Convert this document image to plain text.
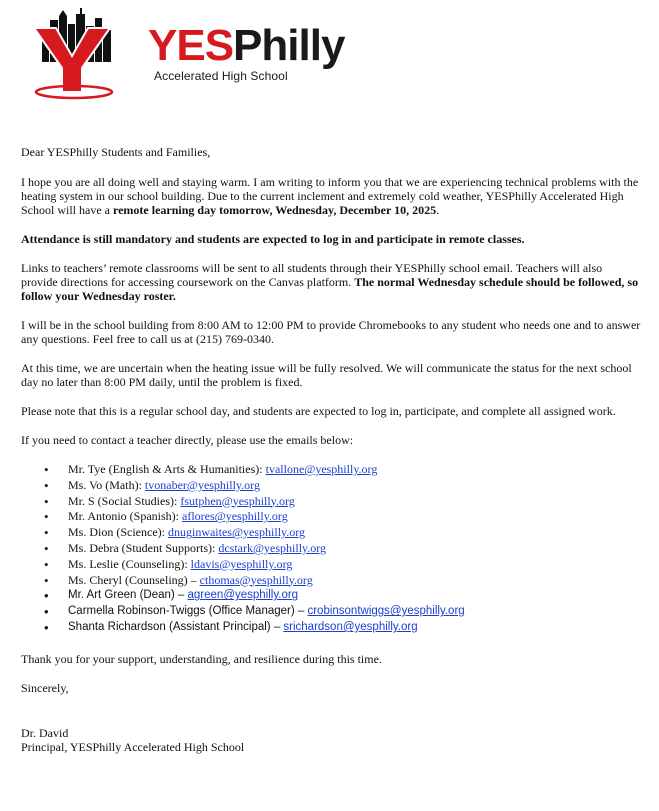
YESPhilly
Accelerated High School

Dear YESPhilly Students and Families,

I hope you are all doing well and staying warm. I am writing to inform you that we are experiencing technical problems with the heating system in our school building. Due to the current inclement and extremely cold weather, YESPhilly Accelerated High School will have a remote learning day tomorrow, Wednesday, December 10, 2025.

Attendance is still mandatory and students are expected to log in and participate in remote classes.

Links to teachers’ remote classrooms will be sent to all students through their YESPhilly school email. Teachers will also provide directions for accessing coursework on the Canvas platform. The normal Wednesday schedule should be followed, so follow your Wednesday roster.

I will be in the school building from 8:00 AM to 12:00 PM to provide Chromebooks to any student who needs one and to answer any questions. Feel free to call us at (215) 769-0340.

At this time, we are uncertain when the heating issue will be fully resolved. We will communicate the status for the next school day no later than 8:00 PM daily, until the problem is fixed.

Please note that this is a regular school day, and students are expected to log in, participate, and complete all assigned work.

If you need to contact a teacher directly, please use the emails below:

• Mr. Tye (English & Arts & Humanities): tvallone@yesphilly.org
• Ms. Vo (Math): tvonaber@yesphilly.org
• Mr. S (Social Studies): fsutphen@yesphilly.org
• Mr. Antonio (Spanish): aflores@yesphilly.org
• Ms. Dion (Science): dnuginwaites@yesphilly.org
• Ms. Debra (Student Supports): dcstark@yesphilly.org
• Ms. Leslie (Counseling): ldavis@yesphilly.org
• Ms. Cheryl (Counseling) – cthomas@yesphilly.org
• Mr. Art Green (Dean) – agreen@yesphilly.org
• Carmella Robinson-Twiggs (Office Manager) – crobinsontwiggs@yesphilly.org
• Shanta Richardson (Assistant Principal) – srichardson@yesphilly.org

Thank you for your support, understanding, and resilience during this time.

Sincerely,

Dr. David

Principal, YESPhilly Accelerated High School
